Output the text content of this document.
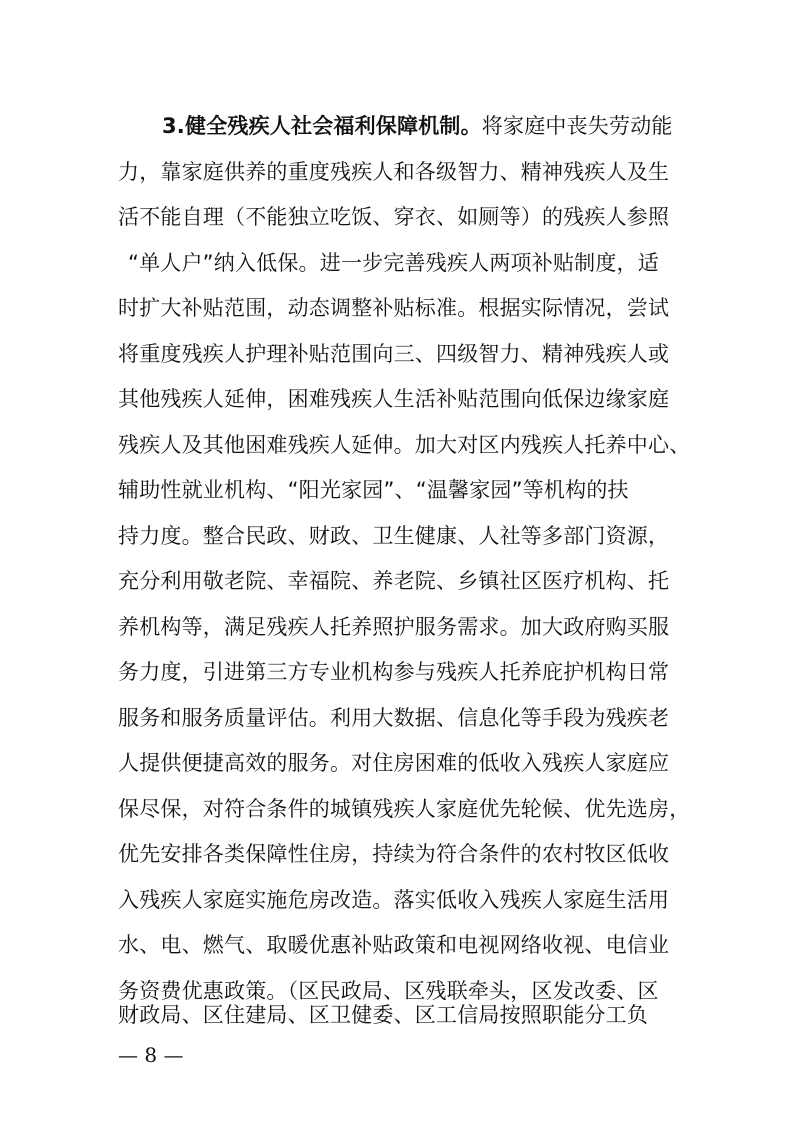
3.健全残疾人社会福利保障机制。将家庭中丧失劳动能
力，靠家庭供养的重度残疾人和各级智力、精神残疾人及生
活不能自理（不能独立吃饭、穿衣、如厕等）的残疾人参照
“单人户”纳入低保。进一步完善残疾人两项补贴制度，适
时扩大补贴范围，动态调整补贴标准。根据实际情况，尝试
将重度残疾人护理补贴范围向三、四级智力、精神残疾人或
其他残疾人延伸，困难残疾人生活补贴范围向低保边缘家庭
残疾人及其他困难残疾人延伸。加大对区内残疾人托养中心、
辅助性就业机构、“阳光家园”、“温馨家园”等机构的扶
持力度。整合民政、财政、卫生健康、人社等多部门资源，
充分利用敬老院、幸福院、养老院、乡镇社区医疗机构、托
养机构等，满足残疾人托养照护服务需求。加大政府购买服
务力度，引进第三方专业机构参与残疾人托养庇护机构日常
服务和服务质量评估。利用大数据、信息化等手段为残疾老
人提供便捷高效的服务。对住房困难的低收入残疾人家庭应
保尽保，对符合条件的城镇残疾人家庭优先轮候、优先选房，
优先安排各类保障性住房，持续为符合条件的农村牧区低收
入残疾人家庭实施危房改造。落实低收入残疾人家庭生活用
水、电、燃气、取暖优惠补贴政策和电视网络收视、电信业
务资费优惠政策。（区民政局、区残联牵头，区发改委、区
财政局、区住建局、区卫健委、区工信局按照职能分工负
— 8 —
